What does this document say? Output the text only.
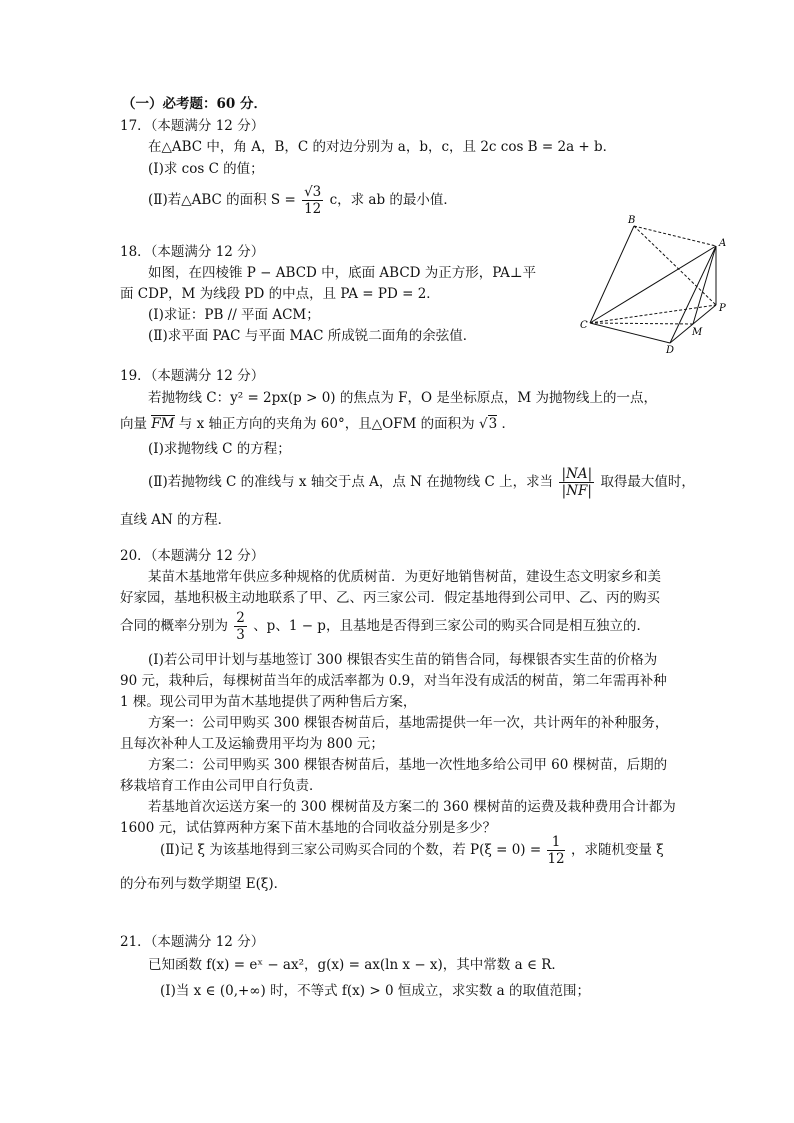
（一）必考题：60 分．
17．（本题满分 12 分）
在△ABC 中，角 A，B，C 的对边分别为 a，b，c，且 2c cos B = 2a + b．
(Ⅰ)求 cos C 的值；
(Ⅱ)若△ABC 的面积 $S = \frac{√3}{12}$ c，求 ab 的最小值．
18．（本题满分 12 分）
如图，在四棱锥 P − ABCD 中，底面 ABCD 为正方形，PA⊥平
面 CDP，M 为线段 PD 的中点，且 PA = PD = 2．
(Ⅰ)求证：PB // 平面 ACM；
(Ⅱ)求平面 PAC 与平面 MAC 所成锐二面角的余弦值．
B
A
C
D
P
M
19．（本题满分 12 分）
若抛物线 C：y² = 2px(p > 0) 的焦点为 F，O 是坐标原点，M 为抛物线上的一点，
向量 FM 与 x 轴正方向的夹角为 60°，且△OFM 的面积为 √3 ．
(Ⅰ)求抛物线 C 的方程；
(Ⅱ)若抛物线 C 的准线与 x 轴交于点 A，点 N 在抛物线 C 上，求当 $\frac{|NA|}{|NF|}$ 取得最大值时，
直线 AN 的方程．
20．（本题满分 12 分）
某苗木基地常年供应多种规格的优质树苗．为更好地销售树苗，建设生态文明家乡和美
好家园，基地积极主动地联系了甲、乙、丙三家公司．假定基地得到公司甲、乙、丙的购买
合同的概率分别为 $\frac{2}{3}$ 、p、1 − p，且基地是否得到三家公司的购买合同是相互独立的．
(Ⅰ)若公司甲计划与基地签订 300 棵银杏实生苗的销售合同，每棵银杏实生苗的价格为
90 元，栽种后，每棵树苗当年的成活率都为 0.9，对当年没有成活的树苗，第二年需再补种
1 棵。现公司甲为苗木基地提供了两种售后方案，
方案一：公司甲购买 300 棵银杏树苗后，基地需提供一年一次，共计两年的补种服务，
且每次补种人工及运输费用平均为 800 元；
方案二：公司甲购买 300 棵银杏树苗后，基地一次性地多给公司甲 60 棵树苗，后期的
移栽培育工作由公司甲自行负责．
若基地首次运送方案一的 300 棵树苗及方案二的 360 棵树苗的运费及栽种费用合计都为
1600 元，试估算两种方案下苗木基地的合同收益分别是多少？
(Ⅱ)记 ξ 为该基地得到三家公司购买合同的个数，若 $P(\xi = 0) = \frac{1}{12}$ ，求随机变量 ξ
的分布列与数学期望 E(ξ)．
21．（本题满分 12 分）
已知函数 f(x) = eˣ − ax²，g(x) = ax(ln x − x)，其中常数 a ∈ R．
(Ⅰ)当 x ∈ (0,+∞) 时，不等式 f(x) > 0 恒成立，求实数 a 的取值范围；
